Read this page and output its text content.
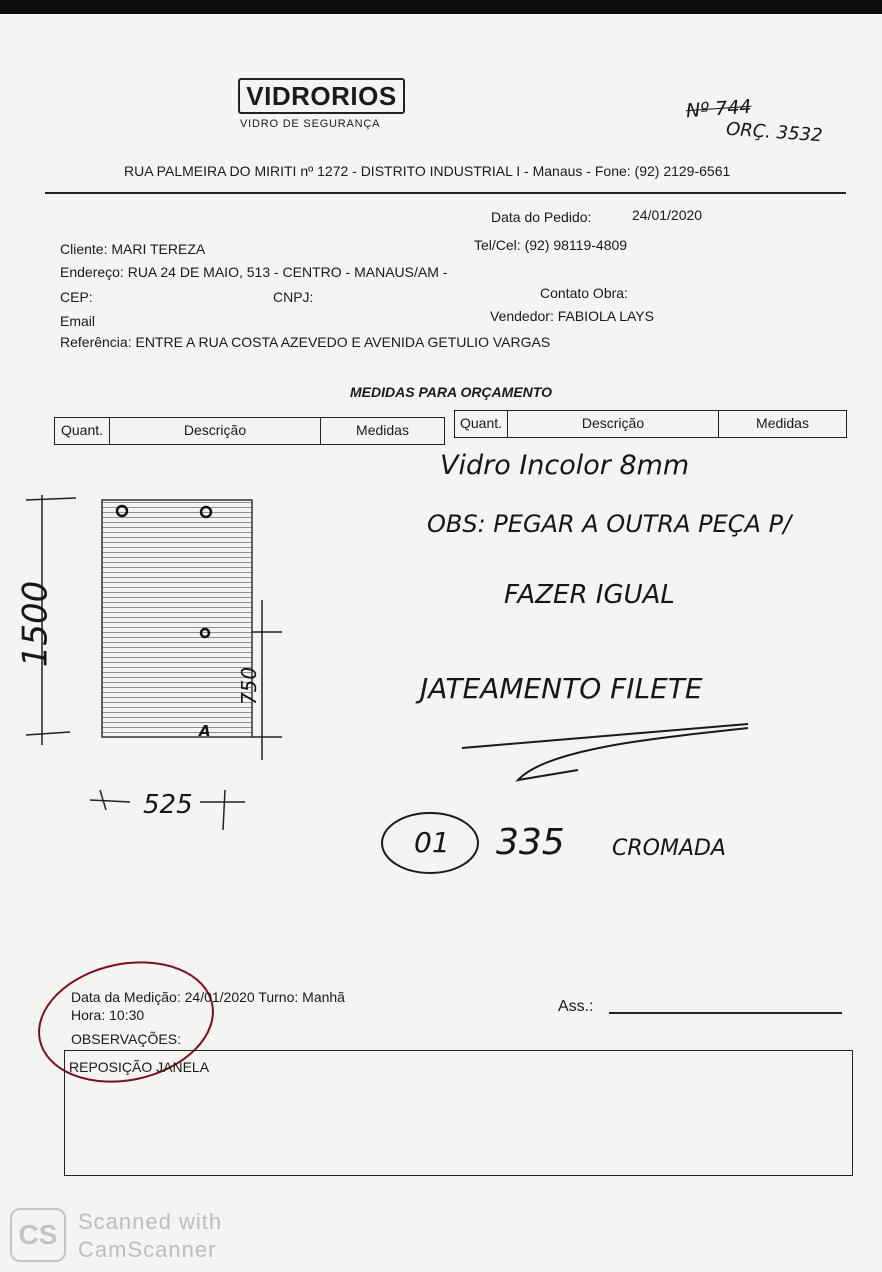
VIDRORIOS
VIDRO DE SEGURANÇA
Nº 744
ORÇ. 3532
RUA PALMEIRA DO MIRITI nº 1272 - DISTRITO INDUSTRIAL I - Manaus - Fone: (92) 2129-6561
Data do Pedido:	24/01/2020
Cliente: MARI TEREZA	Tel/Cel: (92) 98119-4809
Endereço: RUA 24 DE MAIO, 513 - CENTRO - MANAUS/AM -
CEP:	CNPJ:	Contato Obra:
Email	Vendedor: FABIOLA LAYS
Referência: ENTRE A RUA COSTA AZEVEDO E AVENIDA GETULIO VARGAS
MEDIDAS PARA ORÇAMENTO
Quant.	Descrição	Medidas	Quant.	Descrição	Medidas
A
1500
750
525
Vidro Incolor 8mm
OBS: PEGAR A OUTRA PEÇA P/
FAZER IGUAL
JATEAMENTO FILETE
01 335 CROMADA
Data da Medição: 24/01/2020 Turno: Manhã
Hora: 10:30	Ass.:
OBSERVAÇÕES:
REPOSIÇÃO JANELA
CS Scanned with
CamScanner
